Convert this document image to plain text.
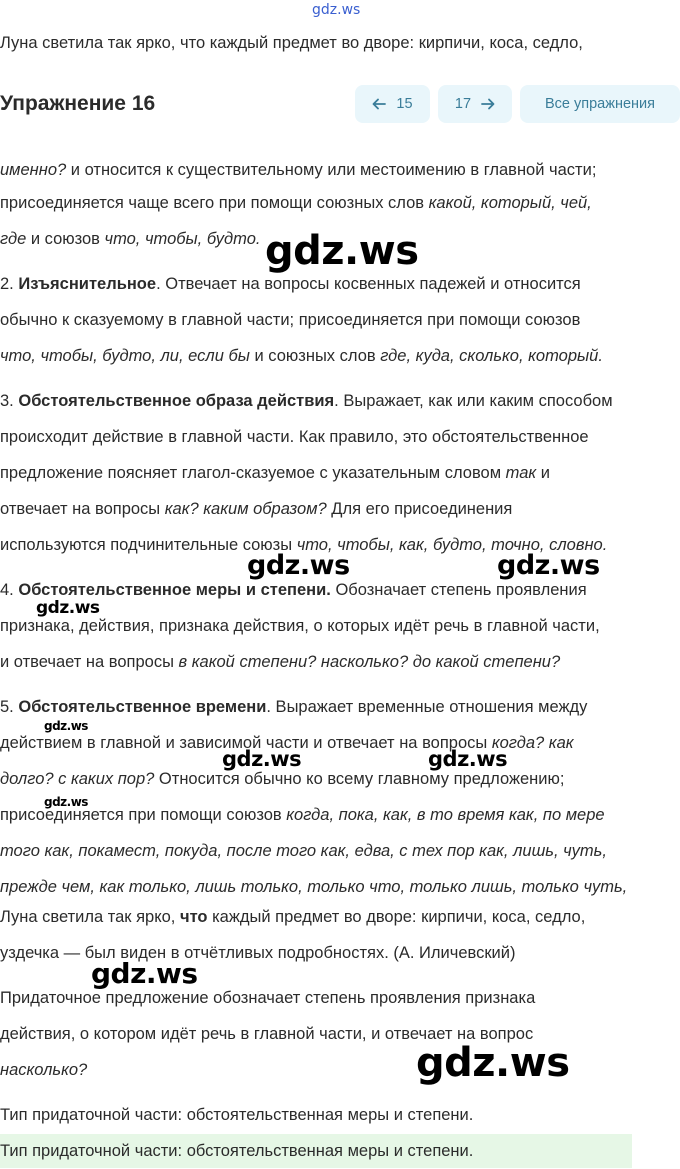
gdz.ws
Луна светила так ярко, что каждый предмет во дворе: кирпичи, коса, седло,
именно? и относится к существительному или местоимению в главной части;
присоединяется чаще всего при помощи союзных слов какой, который, чей,
где и союзов что, чтобы, будто.
2. Изъяснительное. Отвечает на вопросы косвенных падежей и относится
обычно к сказуемому в главной части; присоединяется при помощи союзов
что, чтобы, будто, ли, если бы и союзных слов где, куда, сколько, который.
3. Обстоятельственное образа действия. Выражает, как или каким способом
происходит действие в главной части. Как правило, это обстоятельственное
предложение поясняет глагол-сказуемое с указательным словом так и
отвечает на вопросы как? каким образом? Для его присоединения
используются подчинительные союзы что, чтобы, как, будто, точно, словно.
4. Обстоятельственное меры и степени. Обозначает степень проявления
признака, действия, признака действия, о которых идёт речь в главной части,
и отвечает на вопросы в какой степени? насколько? до какой степени?
5. Обстоятельственное времени. Выражает временные отношения между
действием в главной и зависимой части и отвечает на вопросы когда? как
долго? с каких пор? Относится обычно ко всему главному предложению;
присоединяется при помощи союзов когда, пока, как, в то время как, по мере
того как, покамест, покуда, после того как, едва, с тех пор как, лишь, чуть,
прежде чем, как только, лишь только, только что, только лишь, только чуть,
Луна светила так ярко, что каждый предмет во дворе: кирпичи, коса, седло,
уздечка — был виден в отчётливых подробностях. (А. Иличевский)
Придаточное предложение обозначает степень проявления признака
действия, о котором идёт речь в главной части, и отвечает на вопрос
насколько?
Тип придаточной части: обстоятельственная меры и степени.
Тип придаточной части: обстоятельственная меры и степени.
gdz.ws
gdz.ws	gdz.ws
gdz.ws
gdz.ws
gdz.ws	gdz.ws
gdz.ws
gdz.ws
gdz.ws
Упражнение 16	15	17	Все упражнения
